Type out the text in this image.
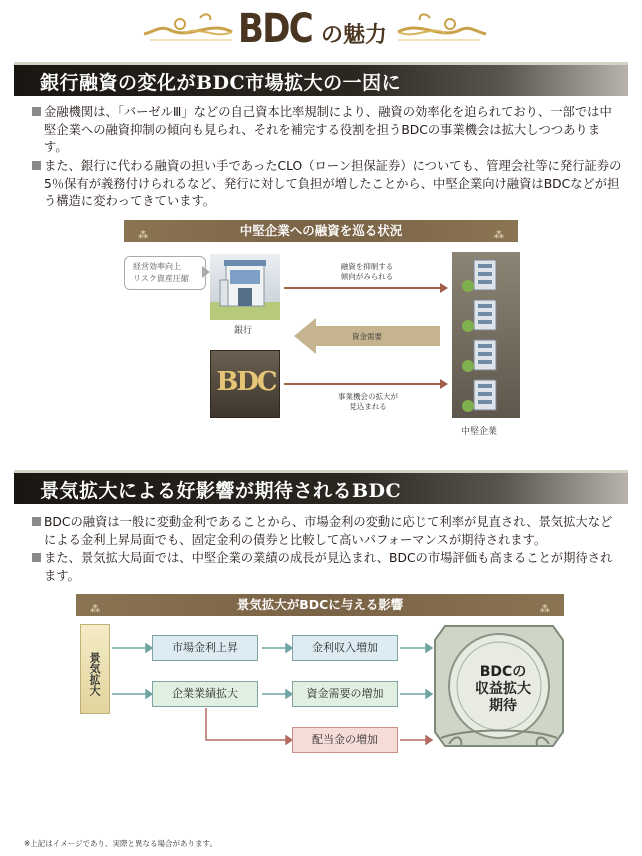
BDC の魅力
銀行融資の変化がBDC市場拡大の一因に

金融機関は、「バーゼルⅢ」などの自己資本比率規制により、融資の効率化を迫られており、一部では中堅企業への融資抑制の傾向も見られ、それを補完する役割を担うBDCの事業機会は拡大しつつあります。

また、銀行に代わる融資の担い手であったCLO（ローン担保証券）についても、管理会社等に発行証券の5％保有が義務付けられるなど、発行に対して負担が増したことから、中堅企業向け融資はBDCなどが担う構造に変わってきています。

⁂	中堅企業への融資を巡る状況	⁂
経営効率向上
リスク資産圧縮
銀行
BDC
融資を抑制する
傾向がみられる
資金需要
事業機会の拡大が
見込まれる
中堅企業
景気拡大による好影響が期待されるBDC

BDCの融資は一般に変動金利であることから、市場金利の変動に応じて利率が見直され、景気拡大などによる金利上昇局面でも、固定金利の債券と比較して高いパフォーマンスが期待されます。

また、景気拡大局面では、中堅企業の業績の成長が見込まれ、BDCの市場評価も高まることが期待されます。

⁂	景気拡大がBDCに与える影響	⁂
景気拡大
市場金利上昇	金利収入増加
企業業績拡大	資金需要の増加
配当金の増加
BDCの
収益拡大
期待
※上記はイメージであり、実際と異なる場合があります。
